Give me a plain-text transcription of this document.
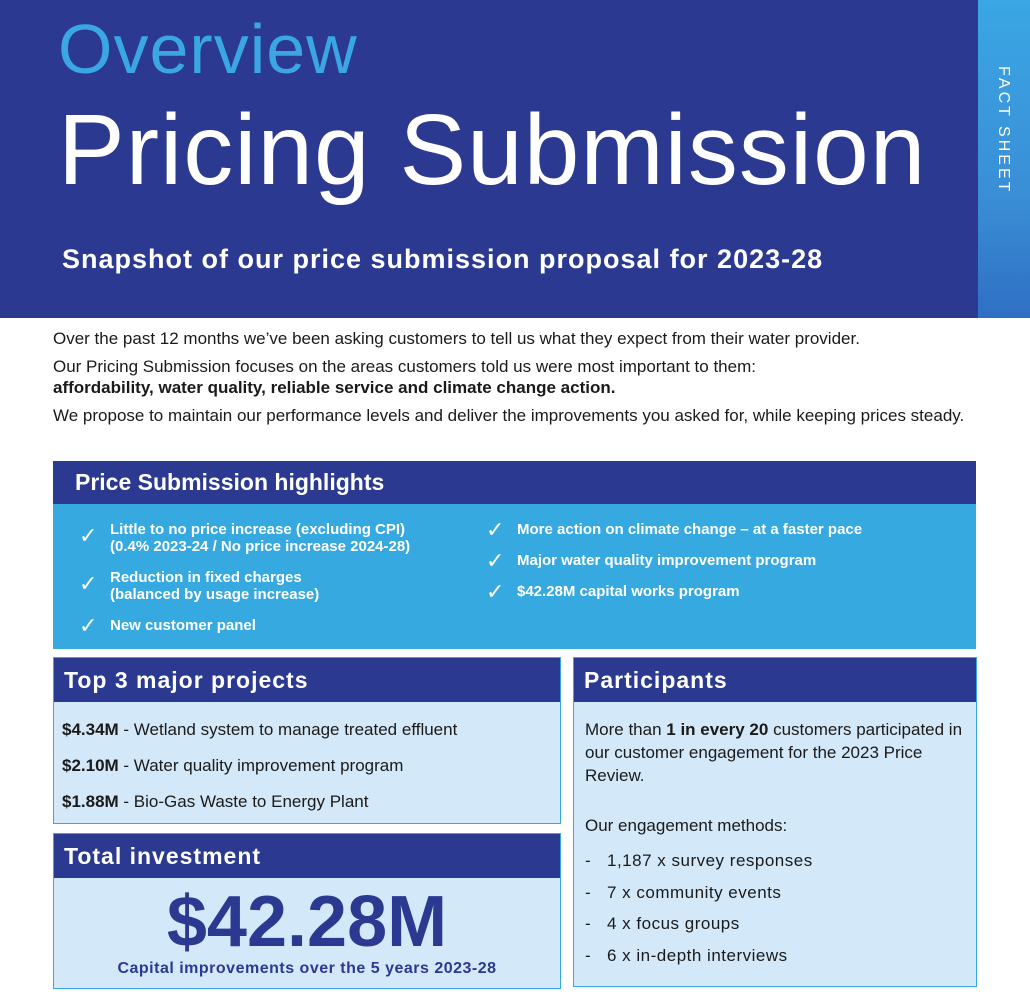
Overview
Pricing Submission
Snapshot of our price submission proposal for 2023-28
FACT SHEET

Over the past 12 months we’ve been asking customers to tell us what they expect from their water provider.

Our Pricing Submission focuses on the areas customers told us were most important to them:
affordability, water quality, reliable service and climate change action.

We propose to maintain our performance levels and deliver the improvements you asked for, while keeping prices steady.

Price Submission highlights
✓ Little to no price increase (excluding CPI)
(0.4% 2023-24 / No price increase 2024-28)
✓ Reduction in fixed charges
(balanced by usage increase)
✓ New customer panel
✓ More action on climate change – at a faster pace
✓ Major water quality improvement program
✓ $42.28M capital works program
Top 3 major projects
$4.34M - Wetland system to manage treated effluent
$2.10M - Water quality improvement program
$1.88M - Bio-Gas Waste to Energy Plant
Total investment
$42.28M
Capital improvements over the 5 years 2023-28
Participants
More than 1 in every 20 customers participated in our customer engagement for the 2023 Price Review.
Our engagement methods:
- 1,187 x survey responses
- 7 x community events
- 4 x focus groups
- 6 x in-depth interviews
